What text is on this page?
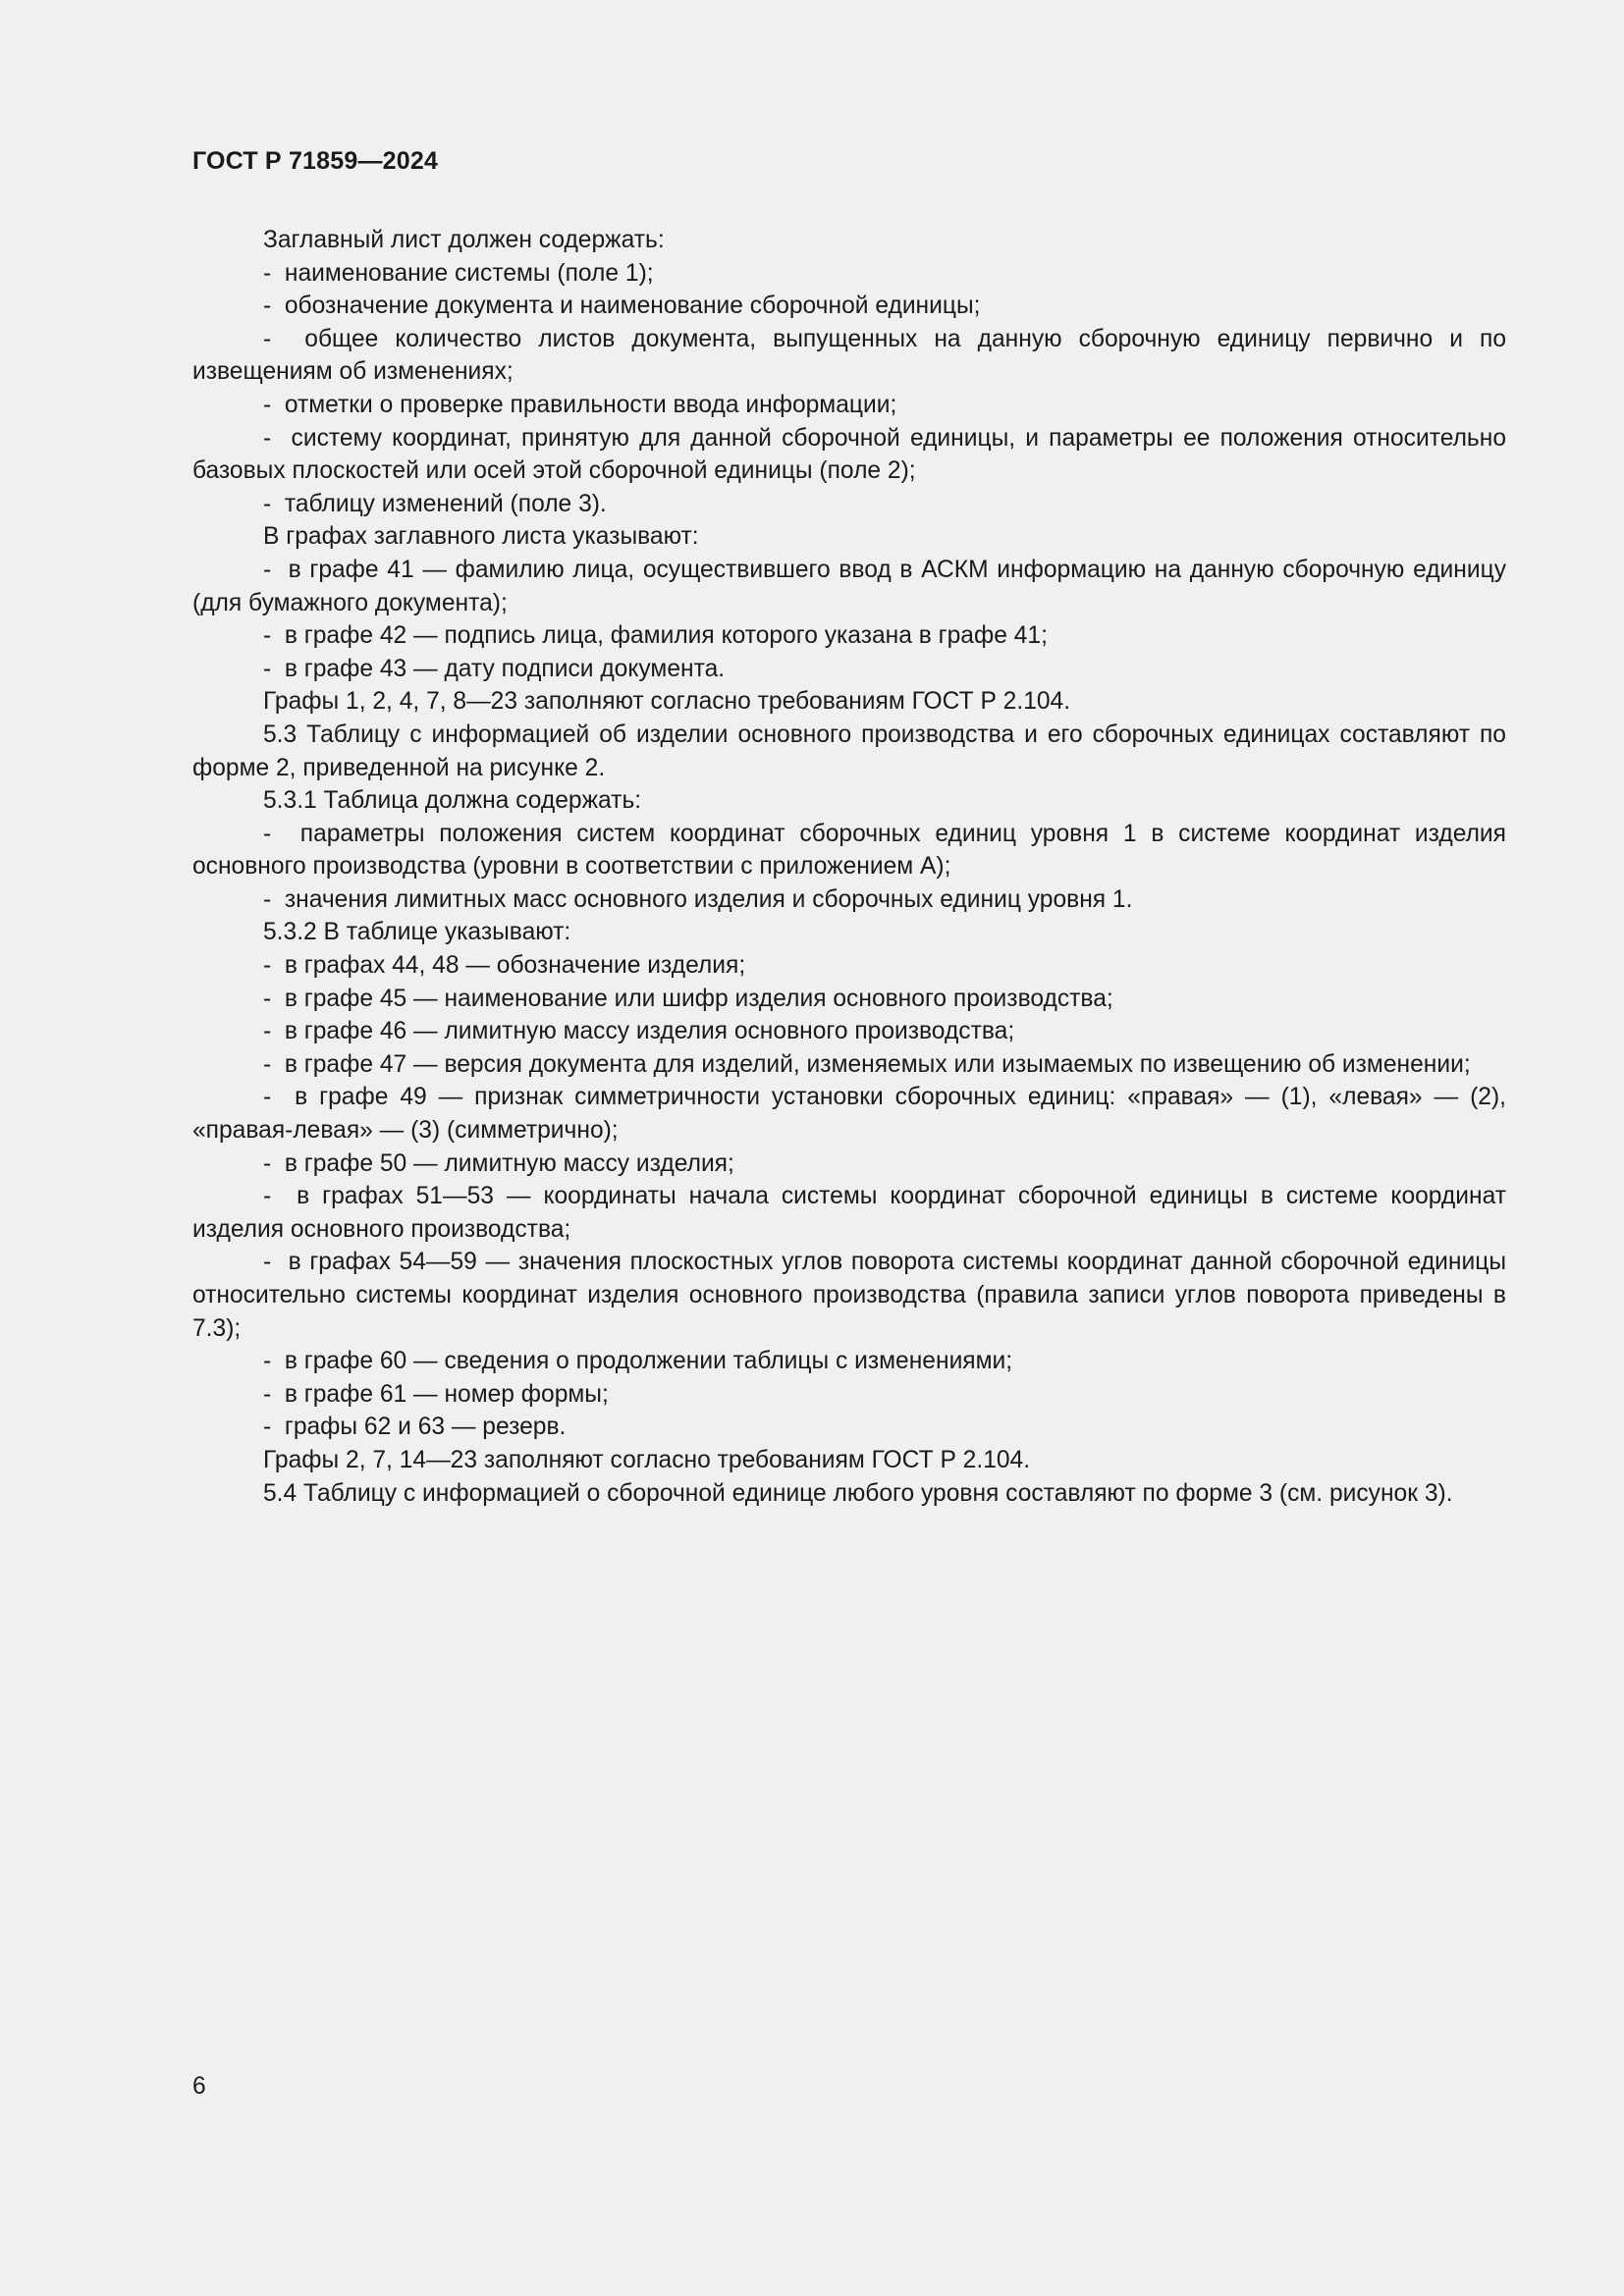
ГОСТ Р 71859—2024

Заглавный лист должен содержать:

-  наименование системы (поле 1);

-  обозначение документа и наименование сборочной единицы;

-  общее количество листов документа, выпущенных на данную сборочную единицу первично и по извещениям об изменениях;

-  отметки о проверке правильности ввода информации;

-  систему координат, принятую для данной сборочной единицы, и параметры ее положения относительно базовых плоскостей или осей этой сборочной единицы (поле 2);

-  таблицу изменений (поле 3).

В графах заглавного листа указывают:

-  в графе 41 — фамилию лица, осуществившего ввод в АСКМ информацию на данную сборочную единицу (для бумажного документа);

-  в графе 42 — подпись лица, фамилия которого указана в графе 41;

-  в графе 43 — дату подписи документа.

Графы 1, 2, 4, 7, 8—23 заполняют согласно требованиям ГОСТ Р 2.104.

5.3 Таблицу с информацией об изделии основного производства и его сборочных единицах составляют по форме 2, приведенной на рисунке 2.

5.3.1 Таблица должна содержать:

-  параметры положения систем координат сборочных единиц уровня 1 в системе координат изделия основного производства (уровни в соответствии с приложением А);

-  значения лимитных масс основного изделия и сборочных единиц уровня 1.

5.3.2 В таблице указывают:

-  в графах 44, 48 — обозначение изделия;

-  в графе 45 — наименование или шифр изделия основного производства;

-  в графе 46 — лимитную массу изделия основного производства;

-  в графе 47 — версия документа для изделий, изменяемых или изымаемых по извещению об изменении;

-  в графе 49 — признак симметричности установки сборочных единиц: «правая» — (1), «левая» — (2), «правая-левая» — (3) (симметрично);

-  в графе 50 — лимитную массу изделия;

-  в графах 51—53 — координаты начала системы координат сборочной единицы в системе координат изделия основного производства;

-  в графах 54—59 — значения плоскостных углов поворота системы координат данной сборочной единицы относительно системы координат изделия основного производства (правила записи углов поворота приведены в 7.3);

-  в графе 60 — сведения о продолжении таблицы с изменениями;

-  в графе 61 — номер формы;

-  графы 62 и 63 — резерв.

Графы 2, 7, 14—23 заполняют согласно требованиям ГОСТ Р 2.104.

5.4 Таблицу с информацией о сборочной единице любого уровня составляют по форме 3 (см. рисунок 3).

6
